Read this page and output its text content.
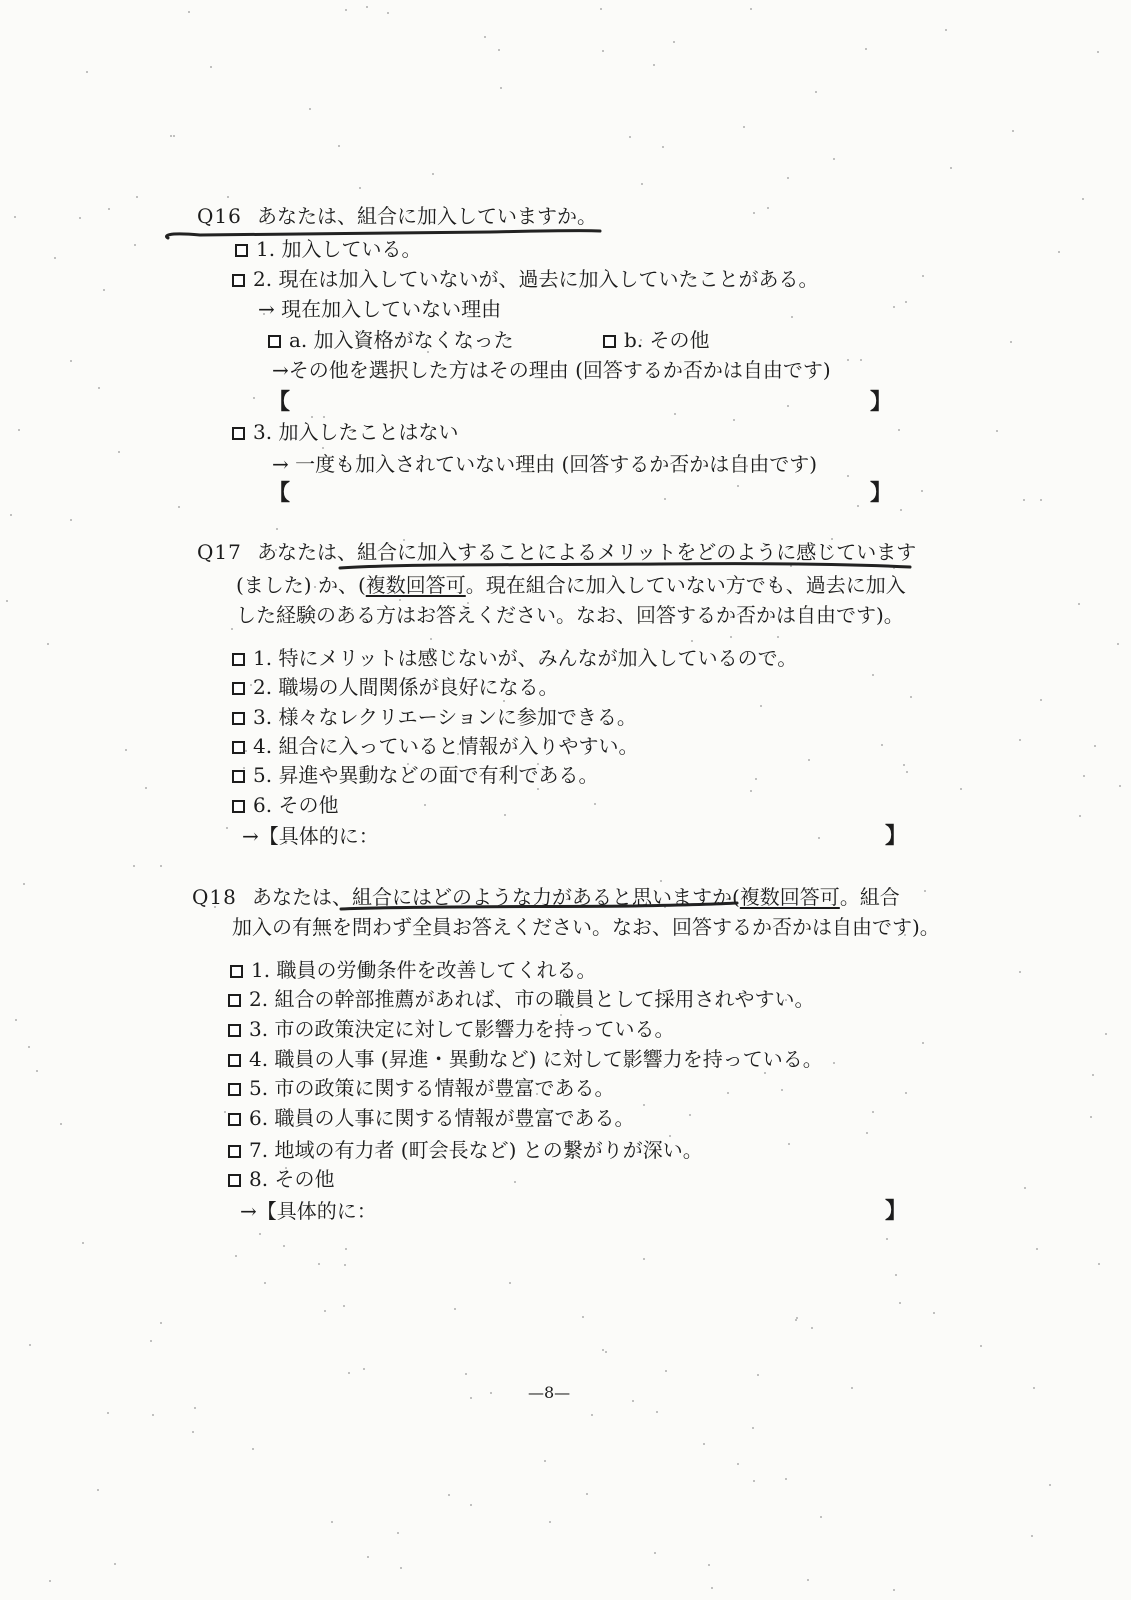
Q16 あなたは、組合に加入していますか。
1. 加入している。
2. 現在は加入していないが、過去に加入していたことがある。
→ 現在加入していない理由
a. 加入資格がなくなった	b. その他
→その他を選択した方はその理由 (回答するか否かは自由です)
【	】
3. 加入したことはない
→ 一度も加入されていない理由 (回答するか否かは自由です)
【	】
Q17 あなたは、組合に加入することによるメリットをどのように感じています
(ました) か、(複数回答可。現在組合に加入していない方でも、過去に加入
した経験のある方はお答えください。なお、回答するか否かは自由です)。
1. 特にメリットは感じないが、みんなが加入しているので。
2. 職場の人間関係が良好になる。
3. 様々なレクリエーションに参加できる。
4. 組合に入っていると情報が入りやすい。
5. 昇進や異動などの面で有利である。
6. その他
→【具体的に：	】
Q18 あなたは、組合にはどのような力があると思いますか(複数回答可。組合
加入の有無を問わず全員お答えください。なお、回答するか否かは自由です)。
1. 職員の労働条件を改善してくれる。
2. 組合の幹部推薦があれば、市の職員として採用されやすい。
3. 市の政策決定に対して影響力を持っている。
4. 職員の人事 (昇進・異動など) に対して影響力を持っている。
5. 市の政策に関する情報が豊富である。
6. 職員の人事に関する情報が豊富である。
7. 地域の有力者 (町会長など) との繋がりが深い。
8. その他
→【具体的に：	】
—8—
